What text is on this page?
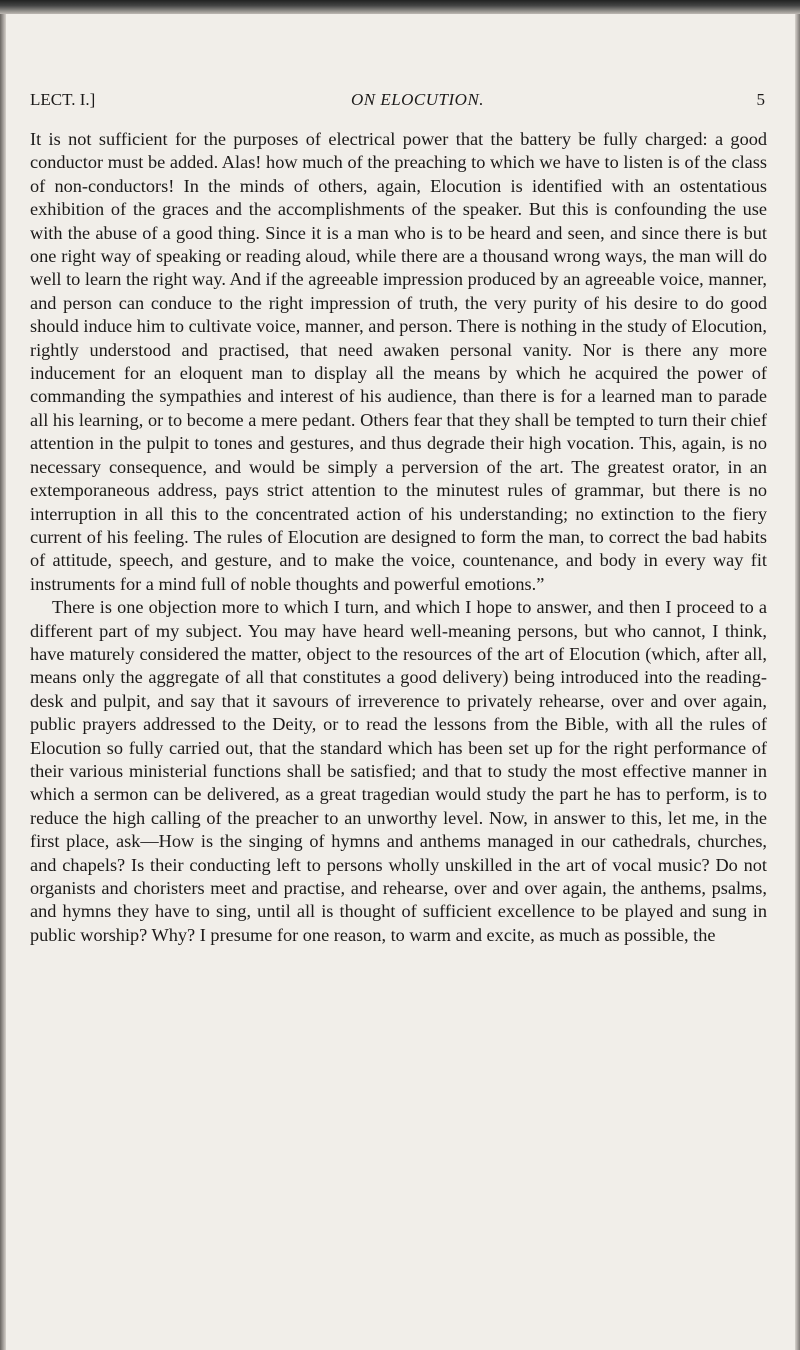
LECT. I.]	ON ELOCUTION.	5

It is not sufficient for the purposes of electrical power that the battery be fully charged: a good conductor must be added. Alas! how much of the preaching to which we have to listen is of the class of non-conductors! In the minds of others, again, Elocution is identified with an ostentatious exhibition of the graces and the accomplishments of the speaker. But this is confounding the use with the abuse of a good thing. Since it is a man who is to be heard and seen, and since there is but one right way of speaking or reading aloud, while there are a thousand wrong ways, the man will do well to learn the right way. And if the agreeable impression produced by an agreeable voice, manner, and person can conduce to the right impression of truth, the very purity of his desire to do good should induce him to cultivate voice, manner, and person. There is nothing in the study of Elocution, rightly understood and practised, that need awaken personal vanity. Nor is there any more inducement for an eloquent man to display all the means by which he acquired the power of commanding the sympathies and interest of his audience, than there is for a learned man to parade all his learning, or to become a mere pedant. Others fear that they shall be tempted to turn their chief attention in the pulpit to tones and gestures, and thus degrade their high vocation. This, again, is no necessary consequence, and would be simply a perversion of the art. The greatest orator, in an extemporaneous address, pays strict attention to the minutest rules of grammar, but there is no interruption in all this to the concentrated action of his understanding; no extinction to the fiery current of his feeling. The rules of Elocution are designed to form the man, to correct the bad habits of attitude, speech, and gesture, and to make the voice, countenance, and body in every way fit instruments for a mind full of noble thoughts and powerful emotions.”

There is one objection more to which I turn, and which I hope to answer, and then I proceed to a different part of my subject. You may have heard well-meaning persons, but who cannot, I think, have maturely considered the matter, object to the resources of the art of Elocution (which, after all, means only the aggregate of all that constitutes a good delivery) being introduced into the reading-desk and pulpit, and say that it savours of irreverence to privately rehearse, over and over again, public prayers addressed to the Deity, or to read the lessons from the Bible, with all the rules of Elocution so fully carried out, that the standard which has been set up for the right performance of their various ministerial functions shall be satisfied; and that to study the most effective manner in which a sermon can be delivered, as a great tragedian would study the part he has to perform, is to reduce the high calling of the preacher to an unworthy level. Now, in answer to this, let me, in the first place, ask—How is the singing of hymns and anthems managed in our cathedrals, churches, and chapels? Is their conducting left to persons wholly unskilled in the art of vocal music? Do not organists and choristers meet and practise, and rehearse, over and over again, the anthems, psalms, and hymns they have to sing, until all is thought of sufficient excellence to be played and sung in public worship? Why? I presume for one reason, to warm and excite, as much as possible, the
